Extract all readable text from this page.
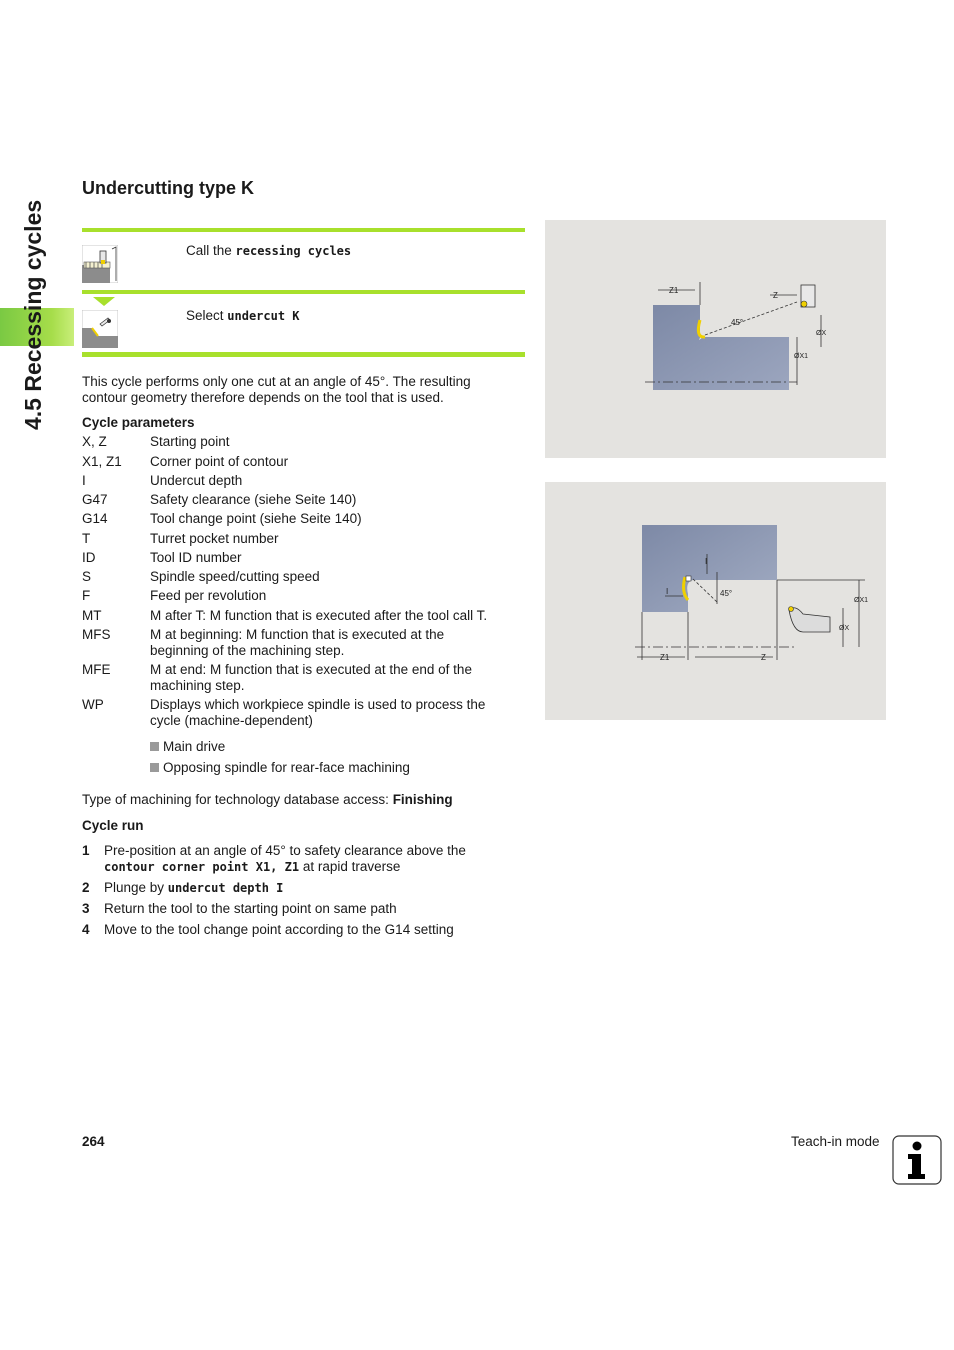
4.5 Recessing cycles
Undercutting type K
Call the recessing cycles
Select undercut K
This cycle performs only one cut at an angle of 45°. The resulting
contour geometry therefore depends on the tool that is used.
Cycle parameters
X, Z	Starting point
X1, Z1	Corner point of contour
I	Undercut depth
G47	Safety clearance (siehe Seite 140)
G14	Tool change point (siehe Seite 140)
T	Turret pocket number
ID	Tool ID number
S	Spindle speed/cutting speed
F	Feed per revolution
MT	M after T: M function that is executed after the tool call T.
MFS	M at beginning: M function that is executed at the
beginning of the machining step.
MFE	M at end: M function that is executed at the end of the
machining step.
WP	Displays which workpiece spindle is used to process the
cycle (machine-dependent)
Main drive
Opposing spindle for rear-face machining
Type of machining for technology database access: Finishing
Cycle run
1 Pre-position at an angle of 45° to safety clearance above the
contour corner point X1, Z1 at rapid traverse
2 Plunge by undercut depth I
3 Return the tool to the starting point on same path
4 Move to the tool change point according to the G14 setting
Z1
Z
45°
ØX
ØX1
Z1	Z
I
I	45°
ØX1
ØX
264	Teach-in mode
